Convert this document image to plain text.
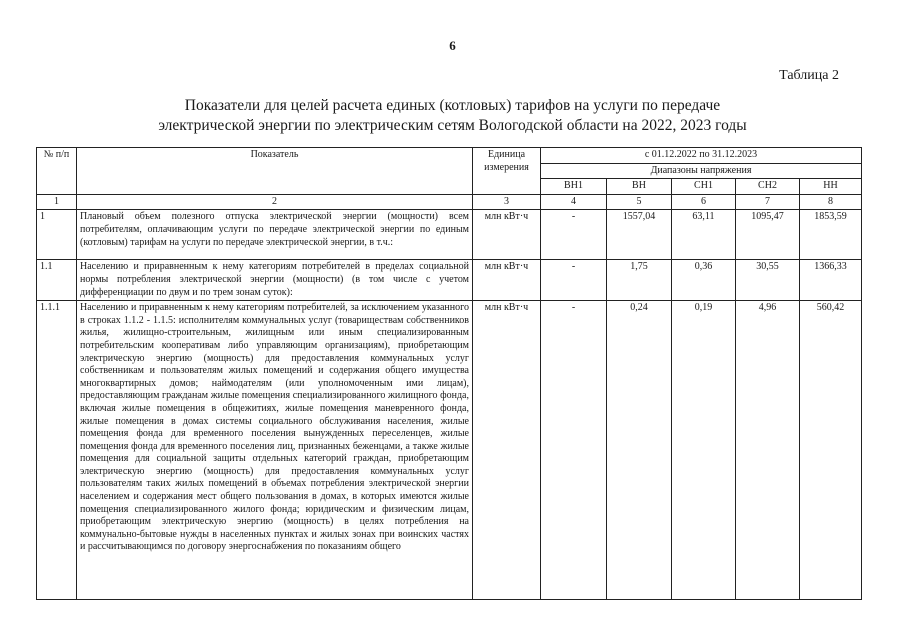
6
Таблица 2
Показатели для целей расчета единых (котловых) тарифов на услуги по передаче
электрической энергии по электрическим сетям Вологодской области на 2022, 2023 годы
№ п/п	Показатель	Единица измерения	с 01.12.2022 по 31.12.2023				
			Диапазоны напряжения				
			ВН1	ВН	СН1	СН2	НН
1	2	3	4	5	6	7	8
1	Плановый объем полезного отпуска электрической энергии (мощности) всем потребителям, оплачивающим услуги по передаче электрической энергии по единым (котловым) тарифам на услуги по передаче электрической энергии, в т.ч.:	млн кВт·ч	-	1557,04	63,11	1095,47	1853,59
1.1	Населению и приравненным к нему категориям потребителей в пределах социальной нормы потребления электрической энергии (мощности) (в том числе с учетом дифференциации по двум и по трем зонам суток):	млн кВт·ч	-	1,75	0,36	30,55	1366,33
1.1.1	Населению и приравненным к нему категориям потребителей, за исключением указанного в строках 1.1.2 - 1.1.5: исполнителям коммунальных услуг (товариществам собственников жилья, жилищно-строительным, жилищным или иным специализированным потребительским кооперативам либо управляющим организациям), приобретающим электрическую энергию (мощность) для предоставления коммунальных услуг собственникам и пользователям жилых помещений и содержания общего имущества многоквартирных домов; наймодателям (или уполномоченным ими лицам), предоставляющим гражданам жилые помещения специализированного жилищного фонда, включая жилые помещения в общежитиях, жилые помещения маневренного фонда, жилые помещения в домах системы социального обслуживания населения, жилые помещения фонда для временного поселения вынужденных переселенцев, жилые помещения фонда для временного поселения лиц, признанных беженцами, а также жилые помещения для социальной защиты отдельных категорий граждан, приобретающим электрическую энергию (мощность) для предоставления коммунальных услуг пользователям таких жилых помещений в объемах потребления электрической энергии населением и содержания мест общего пользования в домах, в которых имеются жилые помещения специализированного жилого фонда; юридическим и физическим лицам, приобретающим электрическую энергию (мощность) в целях потребления на коммунально-бытовые нужды в населенных пунктах и жилых зонах при воинских частях и рассчитывающимся по договору энергоснабжения по показаниям общего	млн кВт·ч	-	0,24	0,19	4,96	560,42
